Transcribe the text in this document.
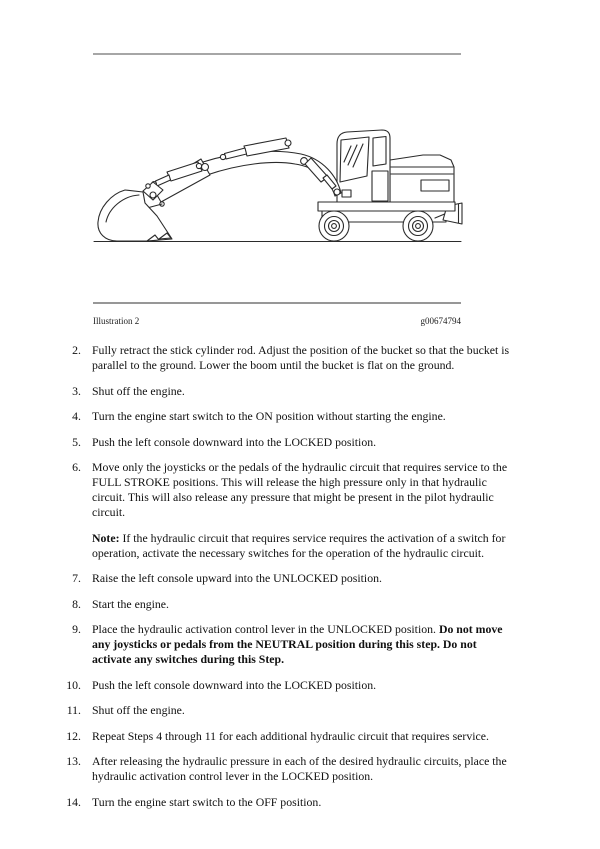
Illustration 2	g00674794
2. Fully retract the stick cylinder rod. Adjust the position of the bucket so that the bucket is parallel to the ground. Lower the boom until the bucket is flat on the ground.
3. Shut off the engine.
4. Turn the engine start switch to the ON position without starting the engine.
5. Push the left console downward into the LOCKED position.
6. Move only the joysticks or the pedals of the hydraulic circuit that requires service to the FULL STROKE positions. This will release the high pressure only in that hydraulic circuit. This will also release any pressure that might be present in the pilot hydraulic circuit.
Note: If the hydraulic circuit that requires service requires the activation of a switch for operation, activate the necessary switches for the operation of the hydraulic circuit.
7. Raise the left console upward into the UNLOCKED position.
8. Start the engine.
9. Place the hydraulic activation control lever in the UNLOCKED position. Do not move any joysticks or pedals from the NEUTRAL position during this step. Do not activate any switches during this Step.
10. Push the left console downward into the LOCKED position.
11. Shut off the engine.
12. Repeat Steps 4 through 11 for each additional hydraulic circuit that requires service.
13. After releasing the hydraulic pressure in each of the desired hydraulic circuits, place the hydraulic activation control lever in the LOCKED position.
14. Turn the engine start switch to the OFF position.
